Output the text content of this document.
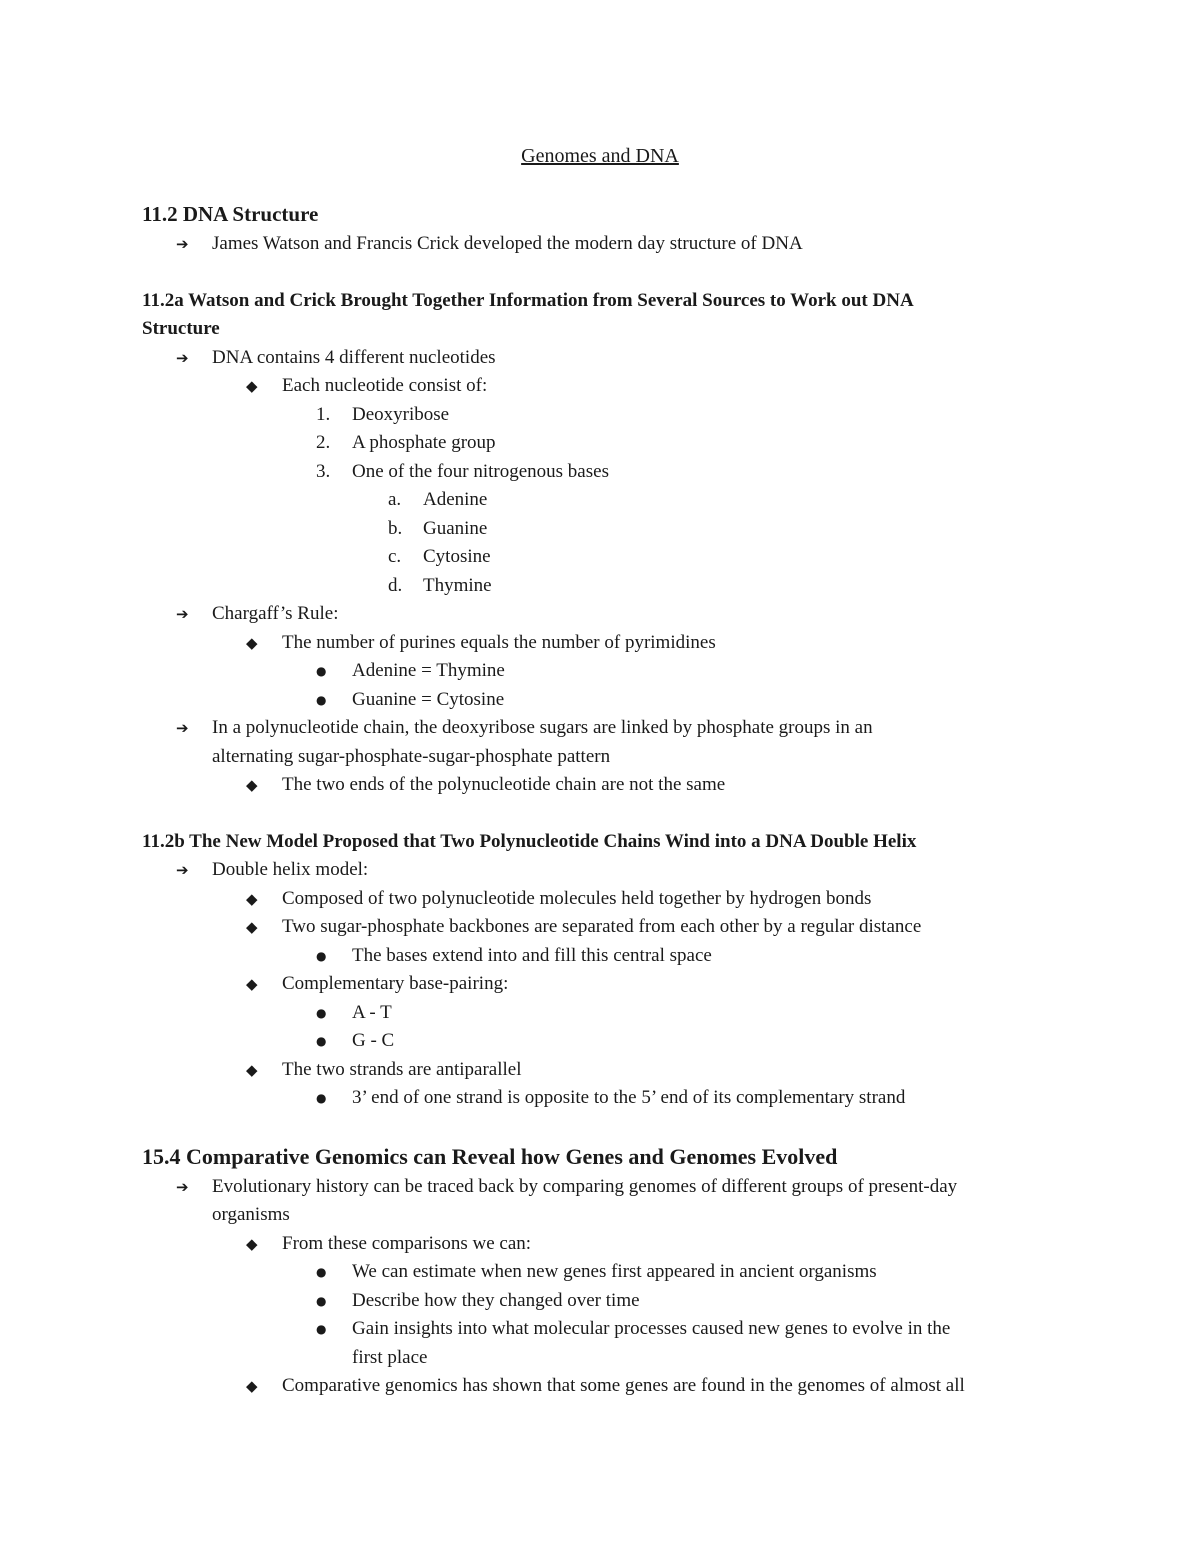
Genomes and DNA
11.2 DNA Structure
➔	James Watson and Francis Crick developed the modern day structure of DNA
11.2a Watson and Crick Brought Together Information from Several Sources to Work out DNA
Structure
➔	DNA contains 4 different nucleotides
◆	Each nucleotide consist of:
1.	Deoxyribose
2.	A phosphate group
3.	One of the four nitrogenous bases
a.	Adenine
b.	Guanine
c.	Cytosine
d.	Thymine
➔	Chargaff’s Rule:
◆	The number of purines equals the number of pyrimidines
●	Adenine = Thymine
●	Guanine = Cytosine
➔	In a polynucleotide chain, the deoxyribose sugars are linked by phosphate groups in an
alternating sugar-phosphate-sugar-phosphate pattern
◆	The two ends of the polynucleotide chain are not the same
11.2b The New Model Proposed that Two Polynucleotide Chains Wind into a DNA Double Helix
➔	Double helix model:
◆	Composed of two polynucleotide molecules held together by hydrogen bonds
◆	Two sugar-phosphate backbones are separated from each other by a regular distance
●	The bases extend into and fill this central space
◆	Complementary base-pairing:
●	A - T
●	G - C
◆	The two strands are antiparallel
●	3’ end of one strand is opposite to the 5’ end of its complementary strand
15.4 Comparative Genomics can Reveal how Genes and Genomes Evolved
➔	Evolutionary history can be traced back by comparing genomes of different groups of present-day
organisms
◆	From these comparisons we can:
●	We can estimate when new genes first appeared in ancient organisms
●	Describe how they changed over time
●	Gain insights into what molecular processes caused new genes to evolve in the
first place
◆	Comparative genomics has shown that some genes are found in the genomes of almost all
